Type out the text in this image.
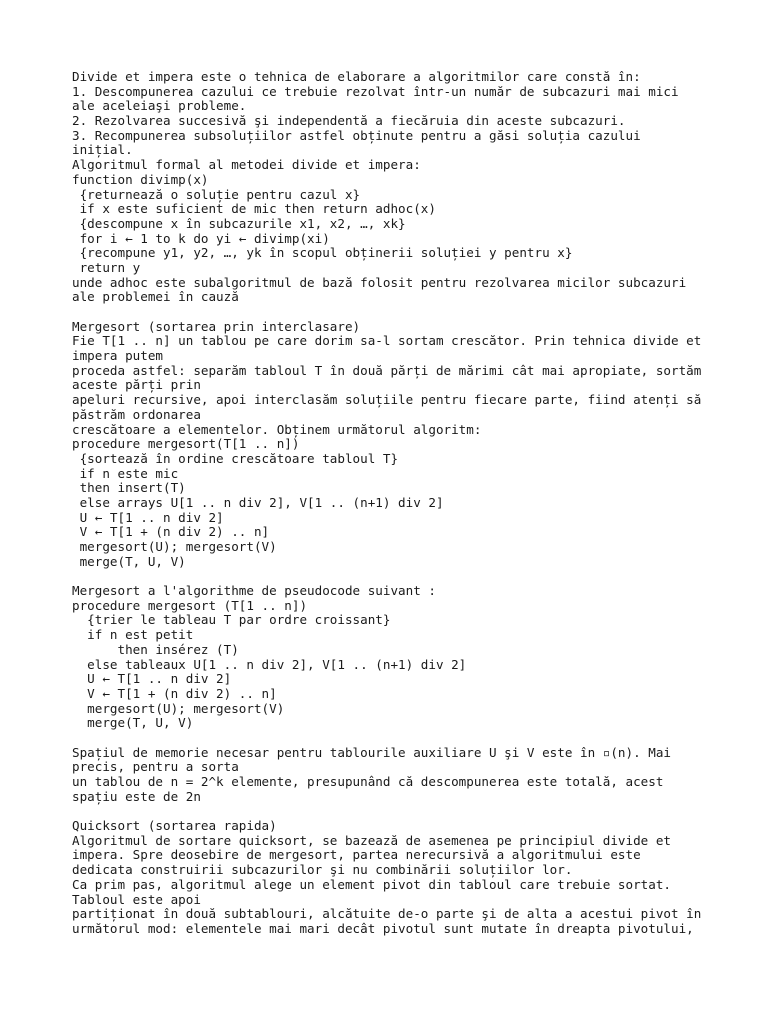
Divide et impera este o tehnica de elaborare a algoritmilor care constă în:
1. Descompunerea cazului ce trebuie rezolvat într-un număr de subcazuri mai mici
ale aceleiaşi probleme.
2. Rezolvarea succesivă şi independentă a fiecăruia din aceste subcazuri.
3. Recompunerea subsoluțiilor astfel obținute pentru a găsi soluția cazului
inițial.
Algoritmul formal al metodei divide et impera:
function divimp(x)
{returnează o soluție pentru cazul x}
if x este suficient de mic then return adhoc(x)
{descompune x în subcazurile x1, x2, …, xk}
for i ← 1 to k do yi ← divimp(xi)
{recompune y1, y2, …, yk în scopul obținerii soluției y pentru x}
return y
unde adhoc este subalgoritmul de bază folosit pentru rezolvarea micilor subcazuri
ale problemei în cauză
Mergesort (sortarea prin interclasare)
Fie T[1 .. n] un tablou pe care dorim sa-l sortam crescător. Prin tehnica divide et
impera putem
proceda astfel: separăm tabloul T în două părți de mărimi cât mai apropiate, sortăm
aceste părți prin
apeluri recursive, apoi interclasăm soluțiile pentru fiecare parte, fiind atenți să
păstrăm ordonarea
crescătoare a elementelor. Obținem următorul algoritm:
procedure mergesort(T[1 .. n])
{sortează în ordine crescătoare tabloul T}
if n este mic
then insert(T)
else arrays U[1 .. n div 2], V[1 .. (n+1) div 2]
U ← T[1 .. n div 2]
V ← T[1 + (n div 2) .. n]
mergesort(U); mergesort(V)
merge(T, U, V)
Mergesort a l'algorithme de pseudocode suivant :
procedure mergesort (T[1 .. n])
{trier le tableau T par ordre croissant}
if n est petit
then insérez (T)
else tableaux U[1 .. n div 2], V[1 .. (n+1) div 2]
U ← T[1 .. n div 2]
V ← T[1 + (n div 2) .. n]
mergesort(U); mergesort(V)
merge(T, U, V)
Spațiul de memorie necesar pentru tablourile auxiliare U şi V este în ▫(n). Mai
precis, pentru a sorta
un tablou de n = 2^k elemente, presupunând că descompunerea este totală, acest
spațiu este de 2n
Quicksort (sortarea rapida)
Algoritmul de sortare quicksort, se bazează de asemenea pe principiul divide et
impera. Spre deosebire de mergesort, partea nerecursivă a algoritmului este
dedicata construirii subcazurilor şi nu combinării soluțiilor lor.
Ca prim pas, algoritmul alege un element pivot din tabloul care trebuie sortat.
Tabloul este apoi
partiționat în două subtablouri, alcătuite de-o parte şi de alta a acestui pivot în
următorul mod: elementele mai mari decât pivotul sunt mutate în dreapta pivotului,
